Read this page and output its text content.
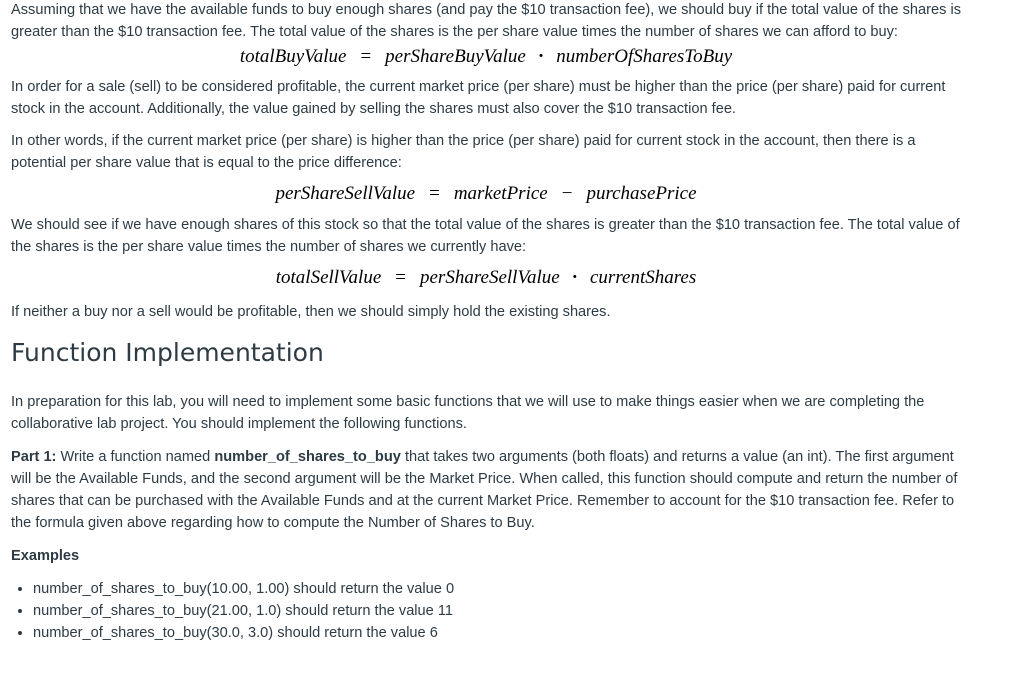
Assuming that we have the available funds to buy enough shares (and pay the $10 transaction fee), we should buy if the total value of the shares is greater than the $10 transaction fee. The total value of the shares is the per share value times the number of shares we can afford to buy:

totalBuyValue = perShareBuyValue · numberOfSharesToBuy

In order for a sale (sell) to be considered profitable, the current market price (per share) must be higher than the price (per share) paid for current stock in the account. Additionally, the value gained by selling the shares must also cover the $10 transaction fee.

In other words, if the current market price (per share) is higher than the price (per share) paid for current stock in the account, then there is a potential per share value that is equal to the price difference:

perShareSellValue = marketPrice − purchasePrice

We should see if we have enough shares of this stock so that the total value of the shares is greater than the $10 transaction fee. The total value of the shares is the per share value times the number of shares we currently have:

totalSellValue = perShareSellValue · currentShares

If neither a buy nor a sell would be profitable, then we should simply hold the existing shares.

Function Implementation

In preparation for this lab, you will need to implement some basic functions that we will use to make things easier when we are completing the collaborative lab project. You should implement the following functions.

Part 1: Write a function named number_of_shares_to_buy that takes two arguments (both floats) and returns a value (an int). The first argument will be the Available Funds, and the second argument will be the Market Price. When called, this function should compute and return the number of shares that can be purchased with the Available Funds and at the current Market Price. Remember to account for the $10 transaction fee. Refer to the formula given above regarding how to compute the Number of Shares to Buy.

Examples

• number_of_shares_to_buy(10.00, 1.00) should return the value 0
• number_of_shares_to_buy(21.00, 1.0) should return the value 11
• number_of_shares_to_buy(30.0, 3.0) should return the value 6
